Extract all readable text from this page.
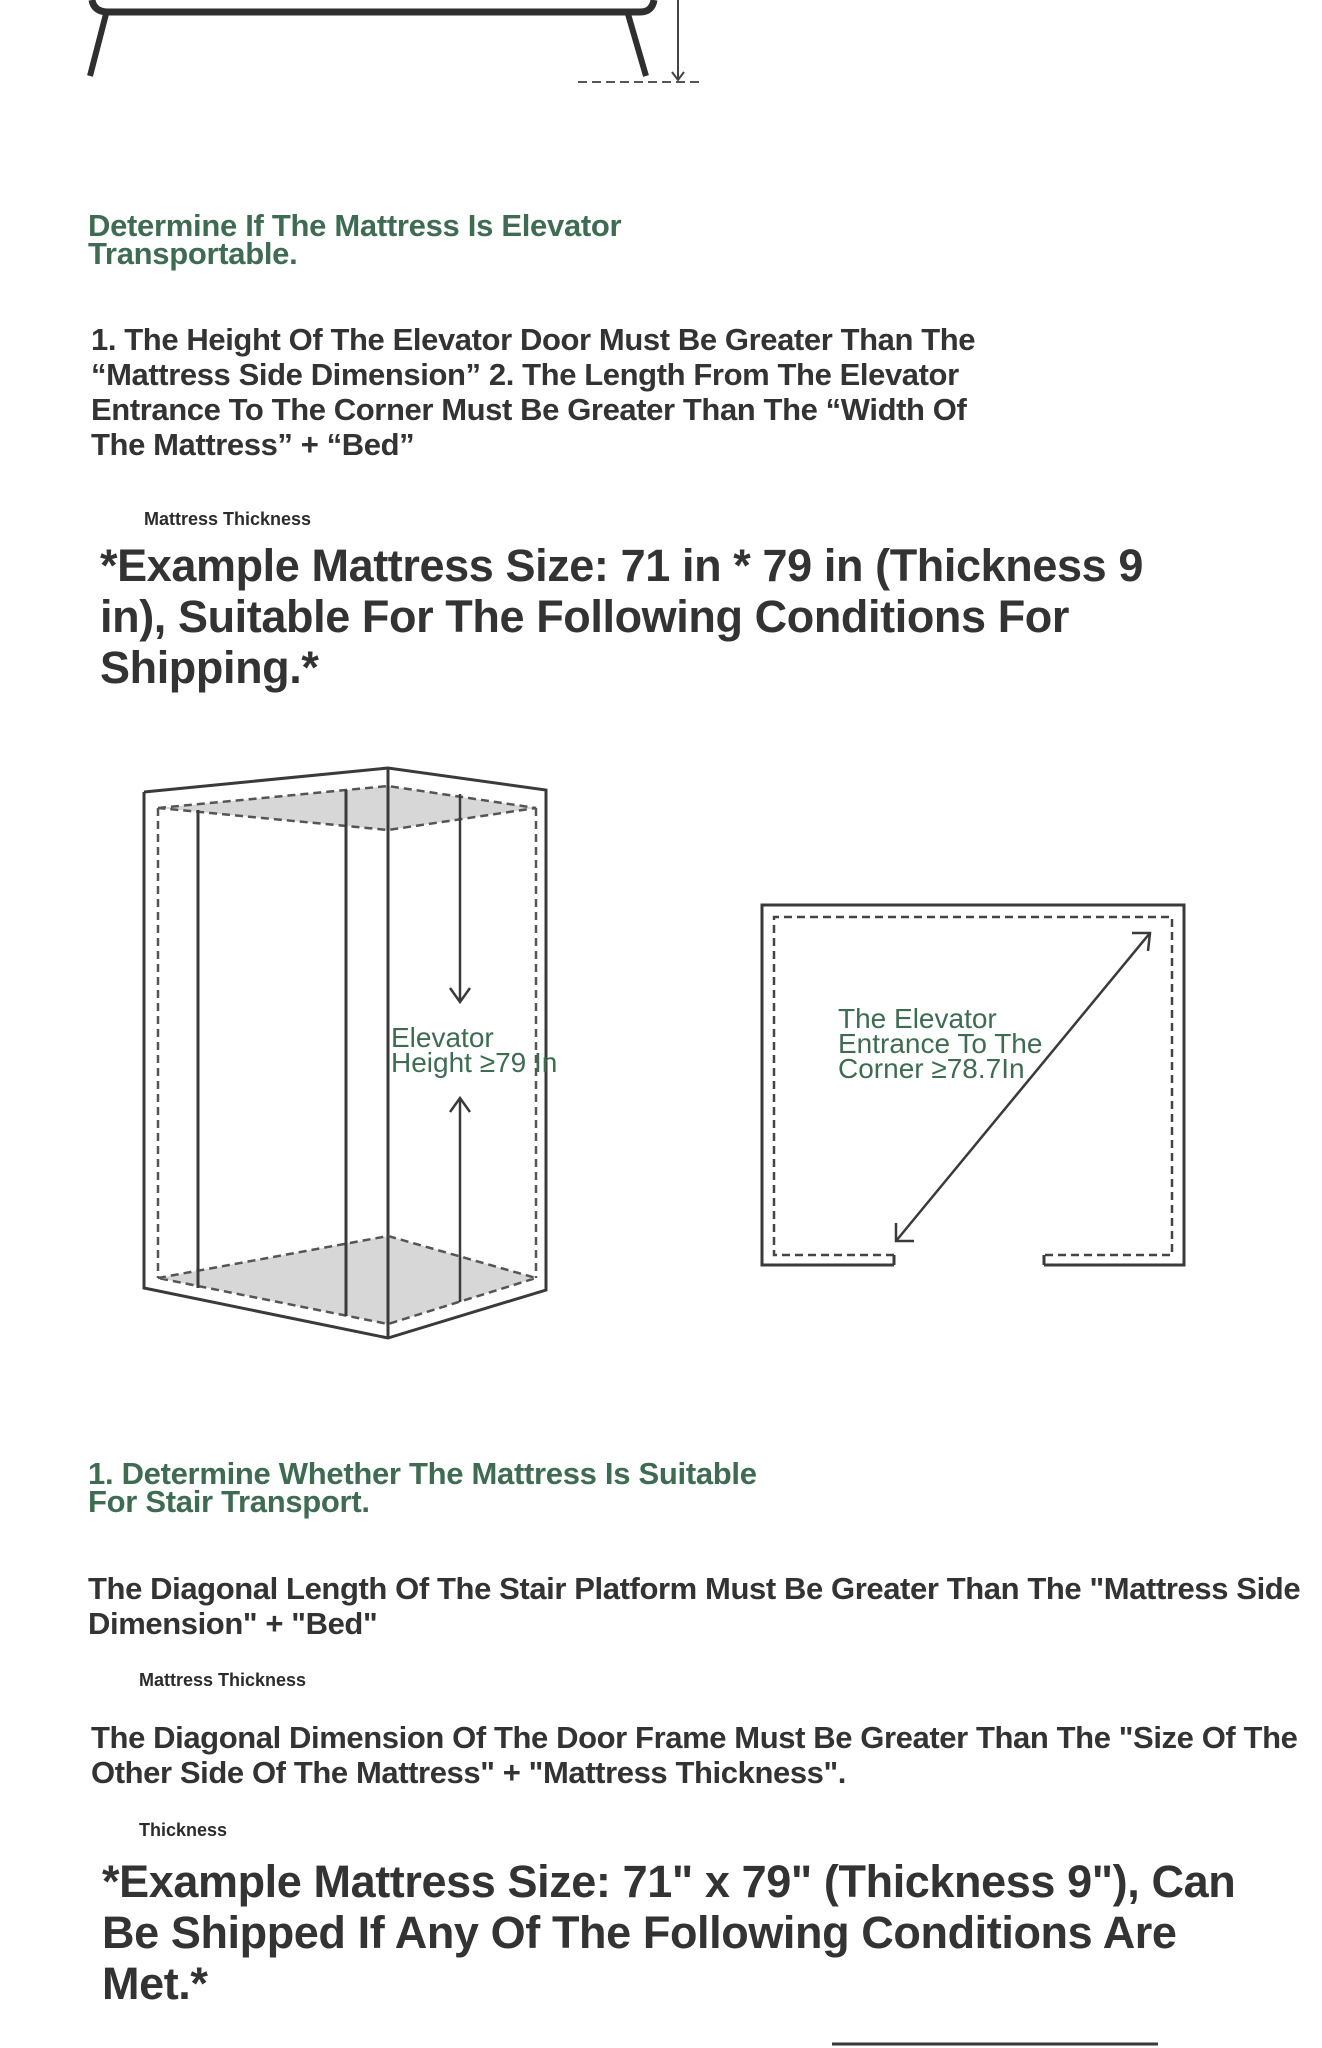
Determine If The Mattress Is Elevator Transportable.
1. The Height Of The Elevator Door Must Be Greater Than The “Mattress Side Dimension” 2. The Length From The Elevator Entrance To The Corner Must Be Greater Than The “Width Of The Mattress” + “Bed”
Mattress Thickness
*Example Mattress Size: 71 in * 79 in (Thickness 9 in), Suitable For The Following Conditions For Shipping.*
Elevator Height ≥79 In
The Elevator Entrance To The Corner ≥78.7In
1. Determine Whether The Mattress Is Suitable For Stair Transport.
The Diagonal Length Of The Stair Platform Must Be Greater Than The "Mattress Side Dimension" + "Bed"
Mattress Thickness
The Diagonal Dimension Of The Door Frame Must Be Greater Than The "Size Of The Other Side Of The Mattress" + "Mattress Thickness".
Thickness
*Example Mattress Size: 71" x 79" (Thickness 9"), Can Be Shipped If Any Of The Following Conditions Are Met.*
